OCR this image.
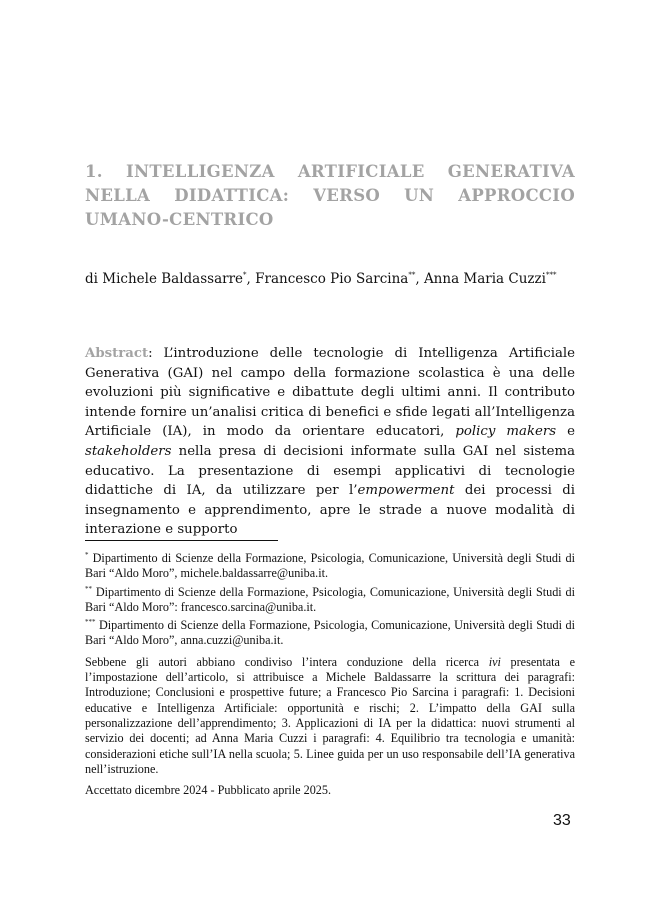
1. INTELLIGENZA ARTIFICIALE GENERATIVA NELLA DIDATTICA: VERSO UN APPROCCIO UMANO-CENTRICO
di Michele Baldassarre*, Francesco Pio Sarcina**, Anna Maria Cuzzi***
Abstract: L’introduzione delle tecnologie di Intelligenza Artificiale Generativa (GAI) nel campo della formazione scolastica è una delle evoluzioni più significative e dibattute degli ultimi anni. Il contributo intende fornire un’analisi critica di benefici e sfide legati all’Intelligenza Artificiale (IA), in modo da orientare educatori, policy makers e stakeholders nella presa di decisioni informate sulla GAI nel sistema educativo. La presentazione di esempi applicativi di tecnologie didattiche di IA, da utilizzare per l’empowerment dei processi di insegnamento e apprendimento, apre le strade a nuove modalità di interazione e supporto

* Dipartimento di Scienze della Formazione, Psicologia, Comunicazione, Università degli Studi di Bari “Aldo Moro”, michele.baldassarre@uniba.it.

** Dipartimento di Scienze della Formazione, Psicologia, Comunicazione, Università degli Studi di Bari “Aldo Moro”: francesco.sarcina@uniba.it.

*** Dipartimento di Scienze della Formazione, Psicologia, Comunicazione, Università degli Studi di Bari “Aldo Moro”, anna.cuzzi@uniba.it.

Sebbene gli autori abbiano condiviso l’intera conduzione della ricerca ivi presentata e l’impostazione dell’articolo, si attribuisce a Michele Baldassarre la scrittura dei paragrafi: Introduzione; Conclusioni e prospettive future; a Francesco Pio Sarcina i paragrafi: 1. Decisioni educative e Intelligenza Artificiale: opportunità e rischi; 2. L’impatto della GAI sulla personalizzazione dell’apprendimento; 3. Applicazioni di IA per la didattica: nuovi strumenti al servizio dei docenti; ad Anna Maria Cuzzi i paragrafi: 4. Equilibrio tra tecnologia e umanità: considerazioni etiche sull’IA nella scuola; 5. Linee guida per un uso responsabile dell’IA generativa nell’istruzione.

Accettato dicembre 2024 - Pubblicato aprile 2025.

33
